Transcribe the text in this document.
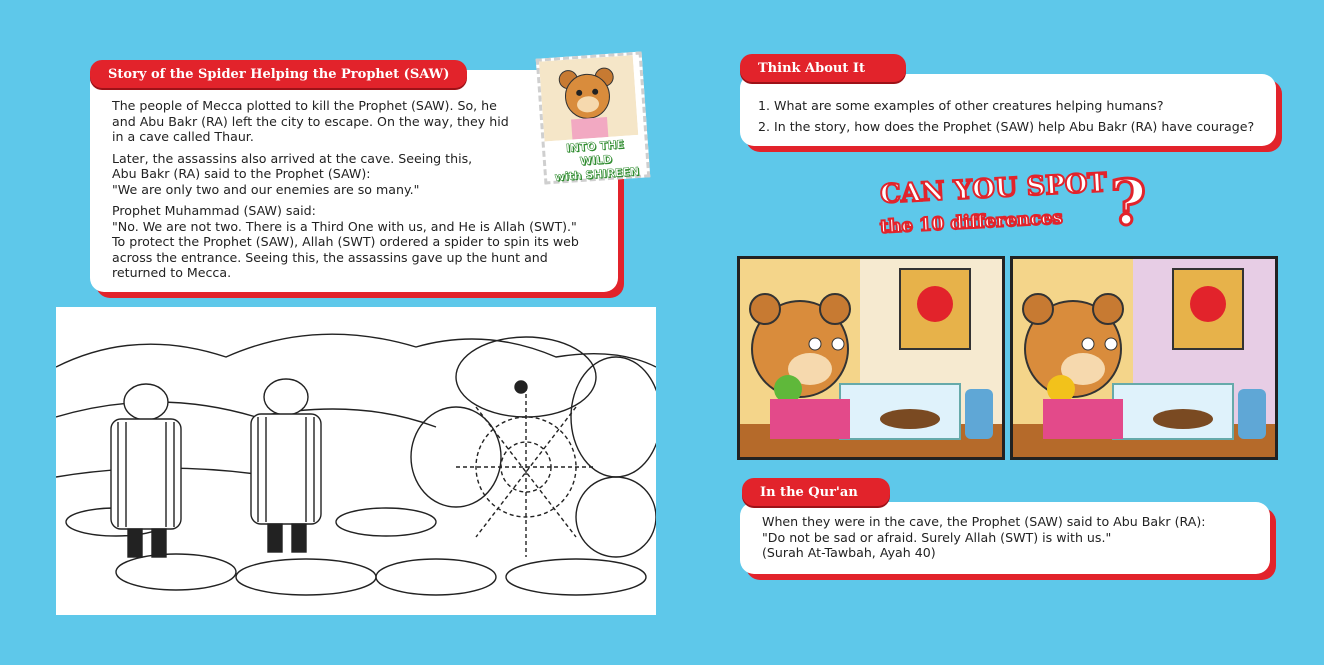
Story of the Spider Helping the Prophet (SAW)

The people of Mecca plotted to kill the Prophet (SAW). So, he
and Abu Bakr (RA) left the city to escape. On the way, they hid
in a cave called Thaur.

Later, the assassins also arrived at the cave. Seeing this,
Abu Bakr (RA) said to the Prophet (SAW):
"We are only two and our enemies are so many."

Prophet Muhammad (SAW) said:
"No. We are not two. There is a Third One with us, and He is Allah (SWT)."
To protect the Prophet (SAW), Allah (SWT) ordered a spider to spin its web
across the entrance. Seeing this, the assassins gave up the hunt and
returned to Mecca.

INTO THE WILD
with SHIREEN
Think About It

1. What are some examples of other creatures helping humans?

2. In the story, how does the Prophet (SAW) help Abu Bakr (RA) have courage?

CAN YOU SPOT
the 10 differences ?
In the Qur'an

When they were in the cave, the Prophet (SAW) said to Abu Bakr (RA):
"Do not be sad or afraid. Surely Allah (SWT) is with us."
(Surah At-Tawbah, Ayah 40)
